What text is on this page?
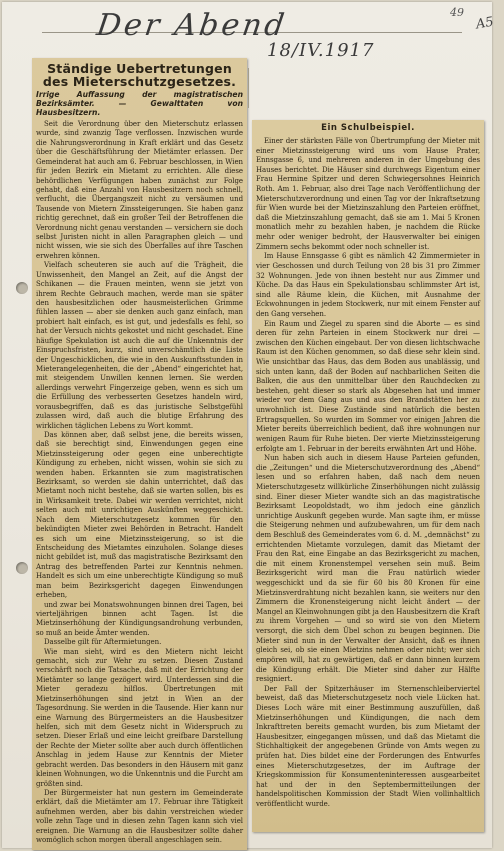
Der Abend
18/IV.1917
49
A5
Ständige Uebertretungen des Mieterschutzgesetzes.
Irrige Auffassung der magistratischen Bezirksämter. — Gewalttaten von Hausbesitzern.

Seit die Verordnung über den Mieterschutz erlassen wurde, sind zwanzig Tage verflossen. Inzwischen wurde die Nahrungsverordnung in Kraft erklärt und das Gesetz über die Geschäftsführung der Mietämter erlassen. Der Gemeinderat hat auch am 6. Februar beschlossen, in Wien für jeden Bezirk ein Mietamt zu errichten. Alle diese behördlichen Verfügungen haben zunächst zur Folge gehabt, daß eine Anzahl von Hausbesitzern noch schnell, verflucht, die Übergangszeit nicht zu versäumen und Tausende von Mietern Zinssteigerungen. Sie haben ganz richtig gerechnet, daß ein großer Teil der Betroffenen die Verordnung nicht genau verstanden — versichern sie doch selbst Juristen nicht in allen Paragraphen gleich — und nicht wissen, wie sie sich des Überfalles auf ihre Taschen erwehren können.

Vielfach scheuteren sie auch auf die Trägheit, die Unwissenheit, den Mangel an Zeit, auf die Angst der Schikanen — die Frauen meinten, wenn sie jetzt von ihrem Rechte Gebrauch machen, werde man sie später den hausbesitzlichen oder hausmeisterlichen Grimme fühlen lassen — aber sie denken auch ganz einfach, man probiert halt einfach, es ist gut, und jedesfalls es fehl, so hat der Versuch nichts gekostet und nicht geschadet. Eine häufige Spekulation ist auch die auf die Unkenntnis der Einspruchsfristen, kurz, sind unverschämtlich die Liste der Ungeschicklichen, die wie in den Auskunftsstunden in Mieterangelegenheiten, die der „Abend“ eingerichtet hat, mit steigendem Unwillen kennen lernen. Sie werden allerdings verwehrt Fingerzeige geben, wenn es sich um die Erfüllung des verbesserten Gesetzes handeln wird, vorausbegriffen, daß es das juristische Selbstgefühl zulassen wird, daß auch die blutige Erfahrung des wirklichen täglichen Lebens zu Wort kommt.

Das können aber, daß selbst jene, die bereits wissen, daß sie berechtigt sind, Einwendungen gegen eine Mietzinssteigerung oder gegen eine unberechtigte Kündigung zu erheben, nicht wissen, wohin sie sich zu wenden haben. Erkannten sie zum magistratischen Bezirksamt, so werden sie dahin unterrichtet, daß das Mietamt noch nicht bestehe, daß sie warten sollen, bis es in Wirksamkeit trete. Dabei wir werden verrichtet, nicht selten auch mit unrichtigen Auskünften weggeschickt. Nach dem Mieterschutzgesetz kommen für den bekündigten Mieter zwei Behörden in Betracht. Handelt es sich um eine Mietzinssteigerung, so ist die Entscheidung des Mietamtes einzuholen. Solange dieses nicht gebildet ist, muß das magistratische Bezirksamt den Antrag des betreffenden Partei zur Kenntnis nehmen. Handelt es sich um eine unberechtigte Kündigung so muß man beim Bezirksgericht dagegen Einwendungen erheben,

und zwar bei Monatswohnungen binnen drei Tagen, bei vierteljährigen binnen acht Tagen. Ist die Mietzinserhöhung der Kündigungsandrohung verbunden, so muß an beide Ämter wenden.

Dasselbe gilt für Aftermietungen.

Wie man sieht, wird es den Mietern nicht leicht gemacht, sich zur Wehr zu setzen. Diesen Zustand verschärft noch die Tatsache, daß mit der Errichtung der Mietämter so lange gezögert wird. Unterdessen sind die Mieter geradezu hilflos. Übertretungen mit Mietzinserhöhungen sind jetzt in Wien an der Tagesordnung. Sie werden in die Tausende. Hier kann nur eine Warnung des Bürgermeisters an die Hausbesitzer helfen, sich mit dem Gesetz nicht in Widerspruch zu setzen. Dieser Erlaß und eine leicht greifbare Darstellung der Rechte der Mieter sollte aber auch durch öffentlichen Anschlag in jedem Hause zur Kenntnis der Mieter gebracht werden. Das besonders in den Häusern mit ganz kleinen Wohnungen, wo die Unkenntnis und die Furcht am größten sind.

Der Bürgermeister hat nun gestern im Gemeinderate erklärt, daß die Mietämter am 17. Februar ihre Tätigkeit aufnehmen werden, aber bis dahin verstreichen wieder volle zehn Tage und in diesen zehn Tagen kann sich viel ereignen. Die Warnung an die Hausbesitzer sollte daher womöglich schon morgen überall angeschlagen sein.

Ein Schulbeispiel.

Einer der stärksten Fälle von Übertrumpfung der Mieter mit einer Mietzinssteigerung wird uns vom Hause Prater, Ennsgasse 6, und mehreren anderen in der Umgebung des Hauses berichtet. Die Häuser sind durchwegs Eigentum einer Frau Hermine Spitzer und deren Schwiegersohnes Heinrich Roth. Am 1. Februar, also drei Tage nach Veröffentlichung der Mieterschutzverordnung und einen Tag vor der Inkraftsetzung für Wien wurde bei der Mietzinszahlung den Parteien eröffnet, daß die Mietzinszahlung gemacht, daß sie am 1. Mai 5 Kronen monatlich mehr zu bezahlen haben, je nachdem die Rücke mehr oder weniger bedroht, der Hausverwalter bei einigen Zimmern sechs bekommt oder noch schneller ist.

Im Hause Ennsgasse 6 gibt es nämlich 42 Zimmermieter in vier Geschossen und durch Teilung von 28 bis 31 pro Zimmer 32 Wohnungen. Jede von ihnen besteht nur aus Zimmer und Küche. Da das Haus ein Spekulationsbau schlimmster Art ist, sind alle Räume klein, die Küchen, mit Ausnahme der Eckwohnungen in jedem Stockwerk, nur mit einem Fenster auf den Gang versehen.

Ein Raum und Ziegel zu sparen sind die Aborte — es sind deren für zehn Parteien in einem Stockwerk nur drei — zwischen den Küchen eingebaut. Der von diesen lichtschwache Raum ist den Küchen genommen, so daß diese sehr klein sind. Wie unsichtbar das Haus, das dem Boden aus unablässig, und sich unten kann, daß der Boden auf nachbarlichen Seiten die Balken, die aus den unmittelbar über den Rauchdecken zu bestehen, geht dieser so stark als Abgesehen hat und immer wieder vor dem Gang aus und aus den Brandstätten her zu unwohnlich ist. Diese Zustände sind natürlich die besten Ertragsquellen. So wurden im Sommer vor einigen Jahren die Mieter bereits überreichlich bedient, daß ihre wohnungen nur wenigen Raum für Ruhe bieten. Der vierte Mietzinssteigerung erfolgte am 1. Februar in der bereits erwähnten Art und Höhe.

Nun haben sich auch in diesem Hause Parteien gefunden, die „Zeitungen“ und die Mieterschutzverordnung des „Abend“ lesen und so erfahren haben, daß nach dem neuen Mieterschutzgesetz willkürliche Zinserhöhungen nicht zulässig sind. Einer dieser Mieter wandte sich an das magistratische Bezirksamt Leopoldstadt, wo ihm jedoch eine gänzlich unrichtige Auskunft gegeben wurde. Man sagte ihm, er müsse die Steigerung nehmen und aufzubewahren, um für dem nach dem Beschluß des Gemeinderates vom 6. d. M. „demnächst“ zu errichtenden Mietamte vorzulegen, damit das Mietamt der Frau den Rat, eine Eingabe an das Bezirksgericht zu machen, die mit einem Kronenstempel versehen sein muß. Beim Bezirksgericht wird man die Frau natürlich wieder weggeschickt und da sie für 60 bis 80 Kronen für eine Mietzinsverdrahtung nicht bezahlen kann, sie weiters nur den Zimmern die Kronensteigerung nicht leicht ändert — der Mangel an Kleinwohnungen gibt ja den Hausbesitzern die Kraft zu ihrem Vorgehen — und so wird sie von den Mietern versorgt, die sich dem Übel schon zu beugen beginnen. Die Mieter sind nun in der Verwalter der Ansicht, daß es ihnen gleich sei, ob sie einen Mietzins nehmen oder nicht; wer sich empören will, hat zu gewärtigen, daß er dann binnen kurzem die Kündigung erhält. Die Mieter sind daher zur Hälfte resigniert.

Der Fall der Spitzerhäuser im Sternenschleiberviertel beweist, daß das Mieterschutzgesetz noch viele Lücken hat. Dieses Loch wäre mit einer Bestimmung auszufüllen, daß Mietzinserhöhungen und Kündigungen, die nach dem Inkrafttreten bereits gemacht wurden, bis zum Mietamt der Hausbesitzer, eingegangen müssen, und daß das Mietamt die Stichhaltigkeit der angegebenen Gründe von Amts wegen zu prüfen hat. Dies bildet eine der Forderungen des Entwurfes eines Mieterschutzgesetzes, der im Auftrage der Kriegskommission für Konsumenteninteressen ausgearbeitet hat und der in den Septembermitteilungen der handelspolitischen Kommission der Stadt Wien vollinhaltlich veröffentlicht wurde.
